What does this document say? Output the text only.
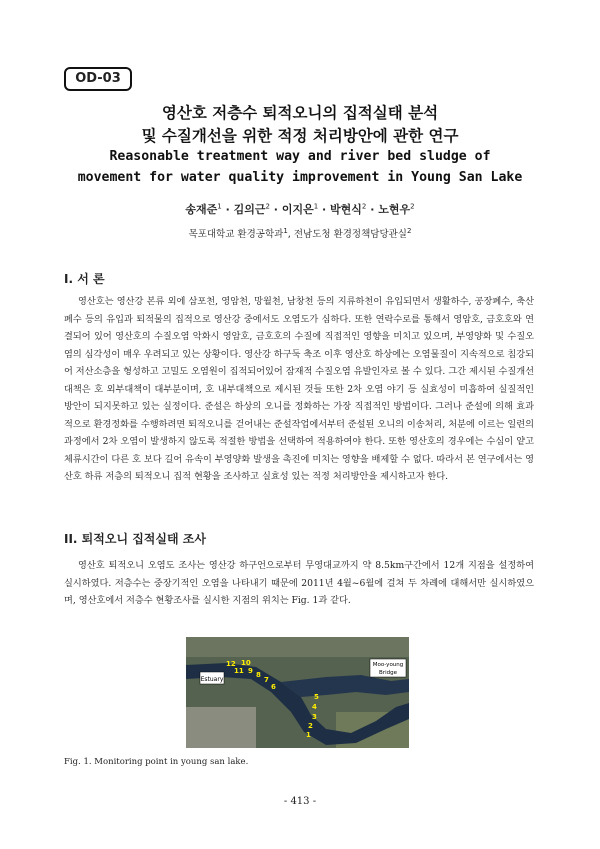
OD-03
영산호 저층수 퇴적오니의 집적실태 분석
및 수질개선을 위한 적정 처리방안에 관한 연구
Reasonable treatment way and river bed sludge of
movement for water quality improvement in Young San Lake
송재준$^1$ · 김의근$^2$ · 이지은$^1$ · 박현식$^2$ · 노현우$^2$
목포대학교 환경공학과$^1$, 전남도청 환경정책담당관실$^2$
I. 서 론

영산호는 영산강 본류 외에 삼포천, 영암천, 망월천, 남창천 등의 지류하천이 유입되면서 생활하수, 공장폐수, 축산폐수 등의 유입과 퇴적물의 집적으로 영산강 중에서도 오염도가 심하다. 또한 연락수로를 통해서 영암호, 금호호와 연결되어 있어 영산호의 수질오염 악화시 영암호, 금호호의 수질에 직접적인 영향을 미치고 있으며, 부영양화 및 수질오염의 심각성이 매우 우려되고 있는 상황이다. 영산강 하구둑 축조 이후 영산호 하상에는 오염물질이 지속적으로 침강되어 저산소층을 형성하고 고밀도 오염원이 집적되어있어 잠재적 수질오염 유발인자로 볼 수 있다. 그간 제시된 수질개선 대책은 호 외부대책이 대부분이며, 호 내부대책으로 제시된 것들 또한 2차 오염 야기 등 실효성이 미흡하여 실질적인 방안이 되지못하고 있는 실정이다. 준설은 하상의 오니를 정화하는 가장 직접적인 방법이다. 그러나 준설에 의해 효과적으로 환경정화를 수행하려면 퇴적오니를 걷어내는 준설작업에서부터 준설된 오니의 이송처리, 처분에 이르는 일련의 과정에서 2차 오염이 발생하지 않도록 적절한 방법을 선택하여 적용하여야 한다. 또한 영산호의 경우에는 수심이 얕고 체류시간이 다른 호 보다 길어 유속이 부영양화 발생을 촉진에 미치는 영향을 배제할 수 없다. 따라서 본 연구에서는 영산호 하류 저층의 퇴적오니 집적 현황을 조사하고 실효성 있는 적정 처리방안을 제시하고자 한다.

II. 퇴적오니 집적실태 조사

영산호 퇴적오니 오염도 조사는 영산강 하구언으로부터 무영대교까지 약 8.5km구간에서 12개 지점을 설정하여 실시하였다. 저층수는 중장기적인 오염을 나타내기 때문에 2011년 4월~6월에 걸쳐 두 차례에 대해서만 실시하였으며, 영산호에서 저층수 현황조사를 실시한 지점의 위치는 Fig. 1과 같다.

Estuary
Moo-young
Bridge
12 10
11 9 8
7
6
5
4
3
2
1
Fig. 1. Monitoring point in young san lake.
- 413 -
